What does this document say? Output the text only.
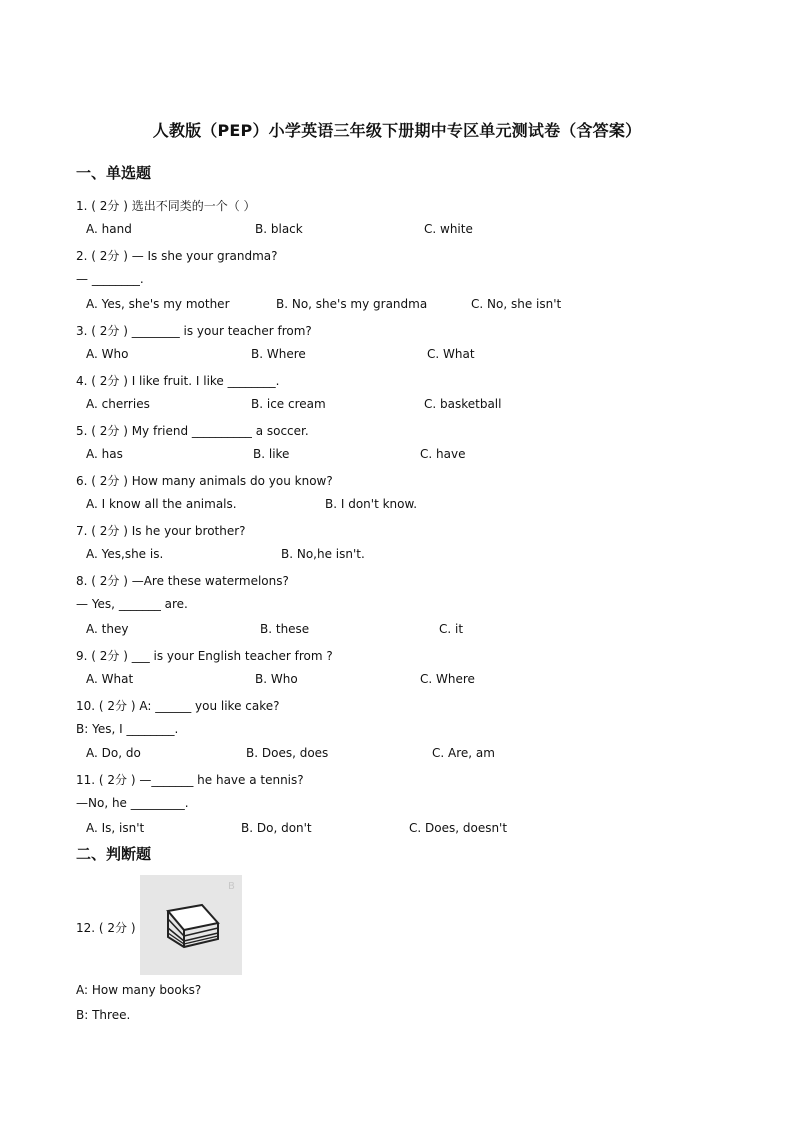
人教版（PEP）小学英语三年级下册期中专区单元测试卷（含答案）
一、单选题
1. ( 2分 ) 选出不同类的一个（ ）
A. hand	B. black	C. white
2. ( 2分 ) — Is she your grandma?
— ________.
A. Yes, she's my mother	B. No, she's my grandma	C. No, she isn't
3. ( 2分 ) ________ is your teacher from?
A. Who	B. Where	C. What
4. ( 2分 ) I like fruit. I like ________.
A. cherries	B. ice cream	C. basketball
5. ( 2分 ) My friend __________ a soccer.
A. has	B. like	C. have
6. ( 2分 ) How many animals do you know?
A. I know all the animals.	B. I don't know.
7. ( 2分 ) Is he your brother?
A. Yes,she is.	B. No,he isn't.
8. ( 2分 ) —Are these watermelons?
— Yes, _______ are.
A. they	B. these	C. it
9. ( 2分 ) ___ is your English teacher from ?
A. What	B. Who	C. Where
10. ( 2分 ) A: ______ you like cake?
B: Yes, I ________.
A. Do, do	B. Does, does	C. Are, am
11. ( 2分 ) —_______ he have a tennis?
—No, he _________.
A. Is, isn't	B. Do, don't	C. Does, doesn't
二、判断题
12. ( 2分 )
B
A: How many books?
B: Three.
